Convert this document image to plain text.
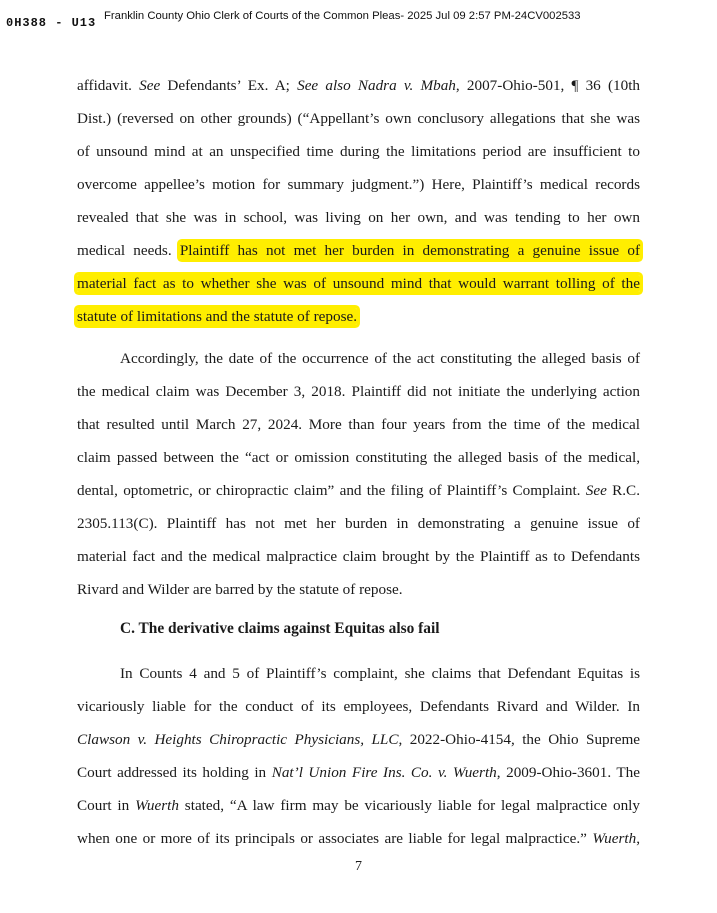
0H388 - U13 Franklin County Ohio Clerk of Courts of the Common Pleas- 2025 Jul 09 2:57 PM-24CV002533
affidavit. See Defendants’ Ex. A; See also Nadra v. Mbah, 2007-Ohio-501, ¶ 36 (10th
Dist.) (reversed on other grounds) (“Appellant’s own conclusory allegations that she was
of unsound mind at an unspecified time during the limitations period are insufficient to
overcome appellee’s motion for summary judgment.”) Here, Plaintiff’s medical records
revealed that she was in school, was living on her own, and was tending to her own
medical needs. Plaintiff has not met her burden in demonstrating a genuine issue of
material fact as to whether she was of unsound mind that would warrant tolling of the
statute of limitations and the statute of repose.
Accordingly, the date of the occurrence of the act constituting the alleged basis of
the medical claim was December 3, 2018. Plaintiff did not initiate the underlying action
that resulted until March 27, 2024. More than four years from the time of the medical
claim passed between the “act or omission constituting the alleged basis of the medical,
dental, optometric, or chiropractic claim” and the filing of Plaintiff’s Complaint. See R.C.
2305.113(C). Plaintiff has not met her burden in demonstrating a genuine issue of
material fact and the medical malpractice claim brought by the Plaintiff as to Defendants
Rivard and Wilder are barred by the statute of repose.
C. The derivative claims against Equitas also fail
In Counts 4 and 5 of Plaintiff’s complaint, she claims that Defendant Equitas is
vicariously liable for the conduct of its employees, Defendants Rivard and Wilder. In
Clawson v. Heights Chiropractic Physicians, LLC, 2022-Ohio-4154, the Ohio Supreme
Court addressed its holding in Nat’l Union Fire Ins. Co. v. Wuerth, 2009-Ohio-3601. The
Court in Wuerth stated, “A law firm may be vicariously liable for legal malpractice only
when one or more of its principals or associates are liable for legal malpractice.” Wuerth,
7
